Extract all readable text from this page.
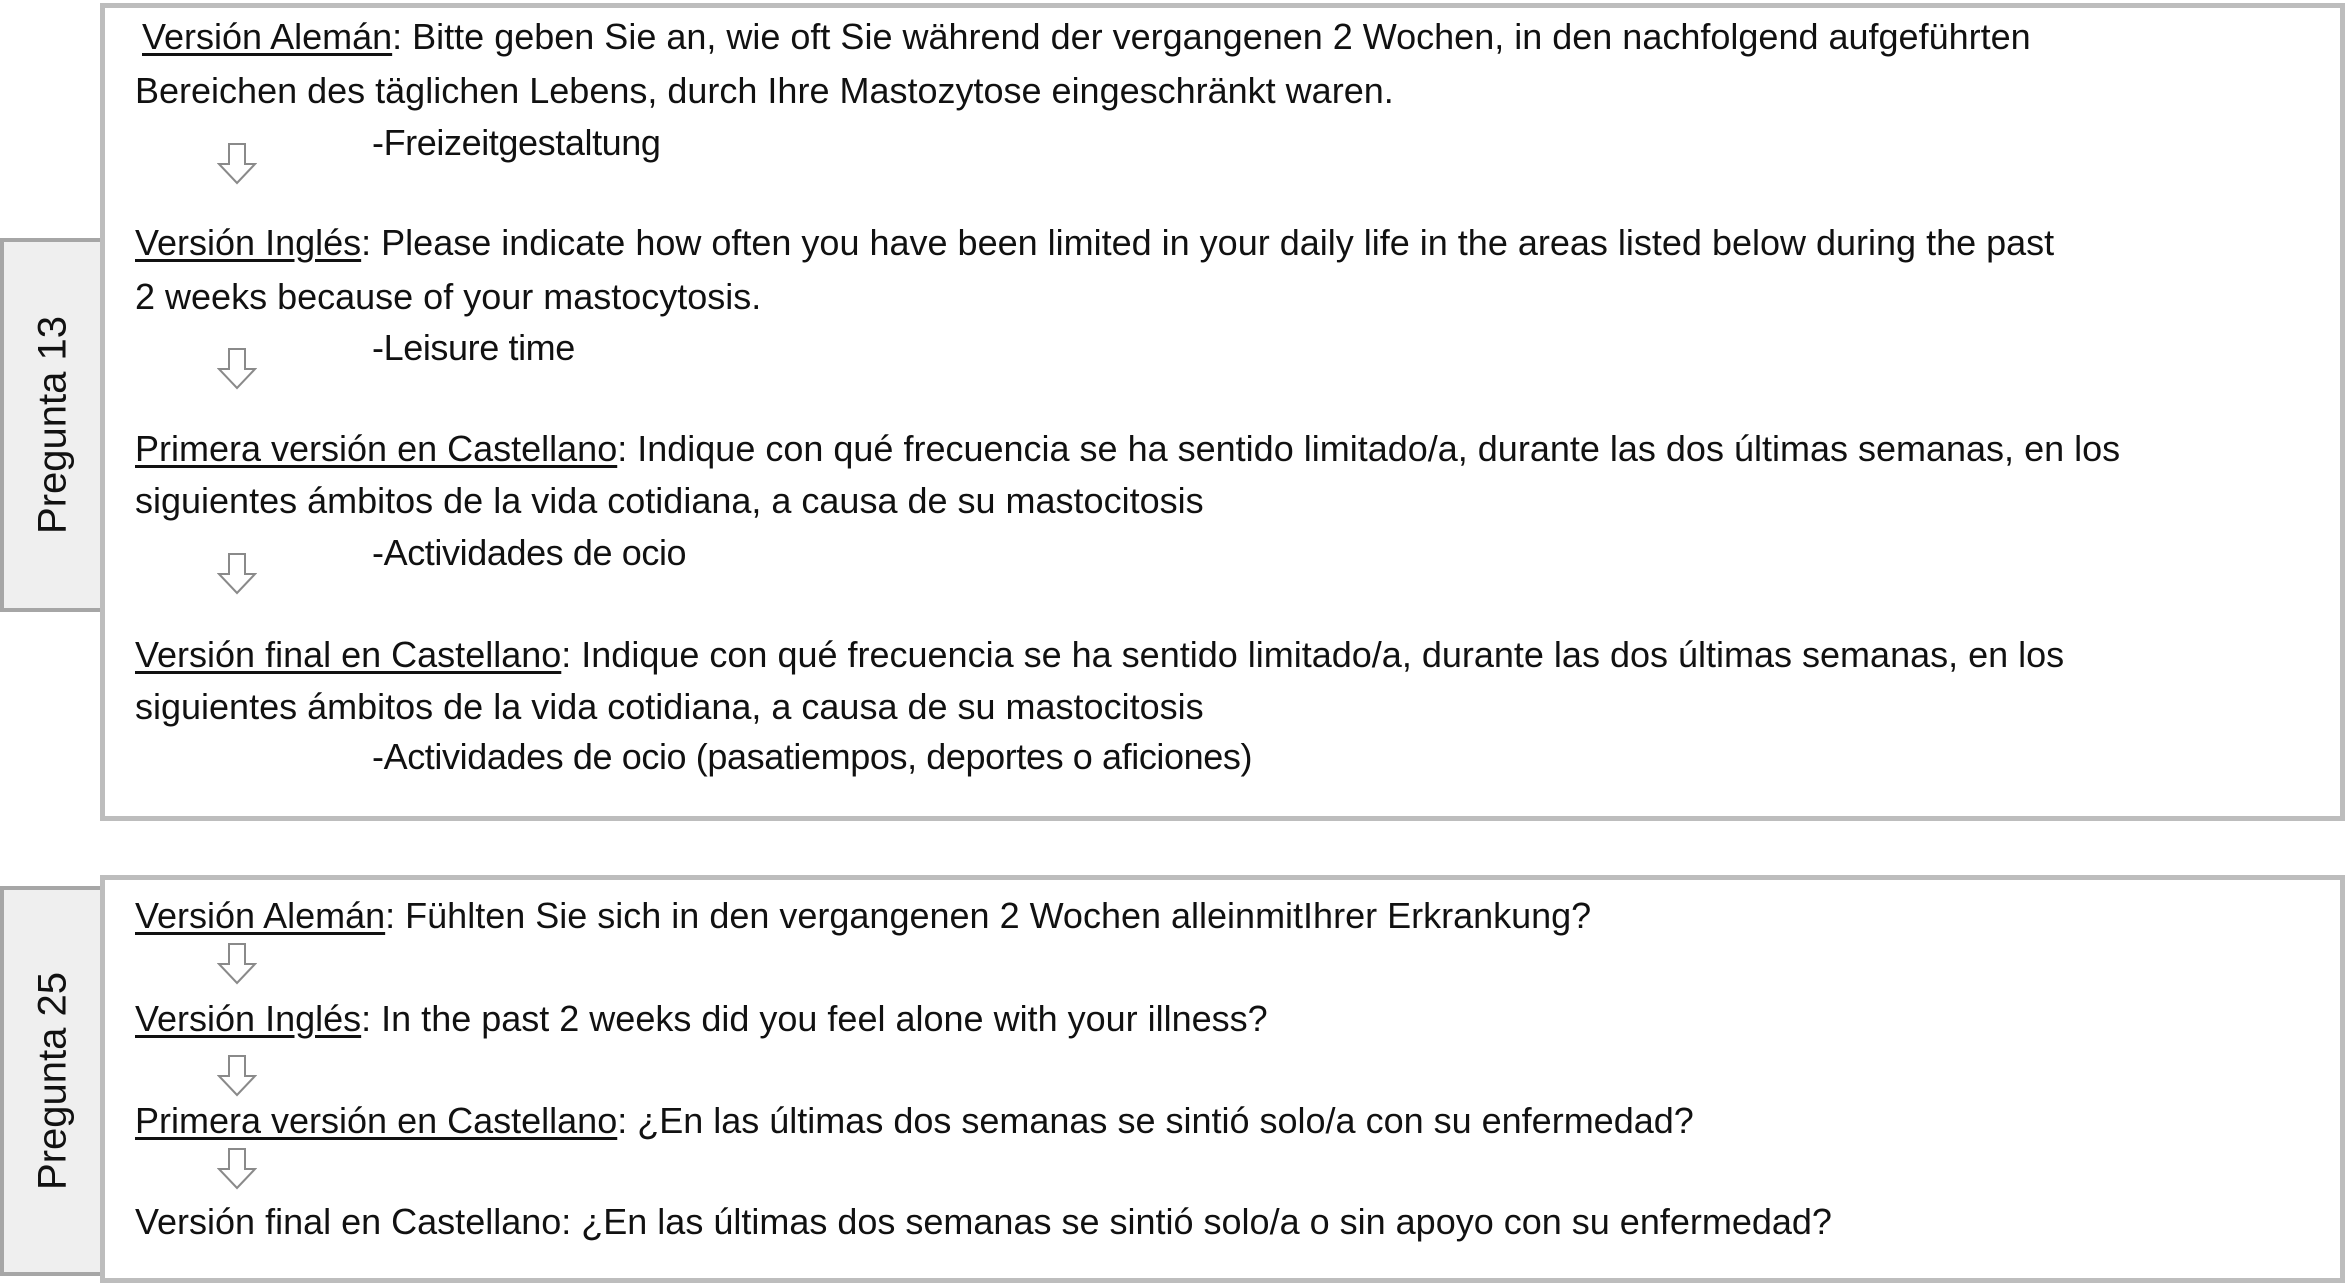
Pregunta 13
Versión Alemán: Bitte geben Sie an, wie oft Sie während der vergangenen 2 Wochen, in den nachfolgend aufgeführten
Bereichen des täglichen Lebens, durch Ihre Mastozytose eingeschränkt waren.
-Freizeitgestaltung
Versión Inglés: Please indicate how often you have been limited in your daily life in the areas listed below during the past
2 weeks because of your mastocytosis.
-Leisure time
Primera versión en Castellano: Indique con qué frecuencia se ha sentido limitado/a, durante las dos últimas semanas, en los
siguientes ámbitos de la vida cotidiana, a causa de su mastocitosis
-Actividades de ocio
Versión final en Castellano: Indique con qué frecuencia se ha sentido limitado/a, durante las dos últimas semanas, en los
siguientes ámbitos de la vida cotidiana, a causa de su mastocitosis
-Actividades de ocio (pasatiempos, deportes o aficiones)
Pregunta 25
Versión Alemán: Fühlten Sie sich in den vergangenen 2 Wochen alleinmitIhrer Erkrankung?
Versión Inglés: In the past 2 weeks did you feel alone with your illness?
Primera versión en Castellano: ¿En las últimas dos semanas se sintió solo/a con su enfermedad?
Versión final en Castellano: ¿En las últimas dos semanas se sintió solo/a o sin apoyo con su enfermedad?
